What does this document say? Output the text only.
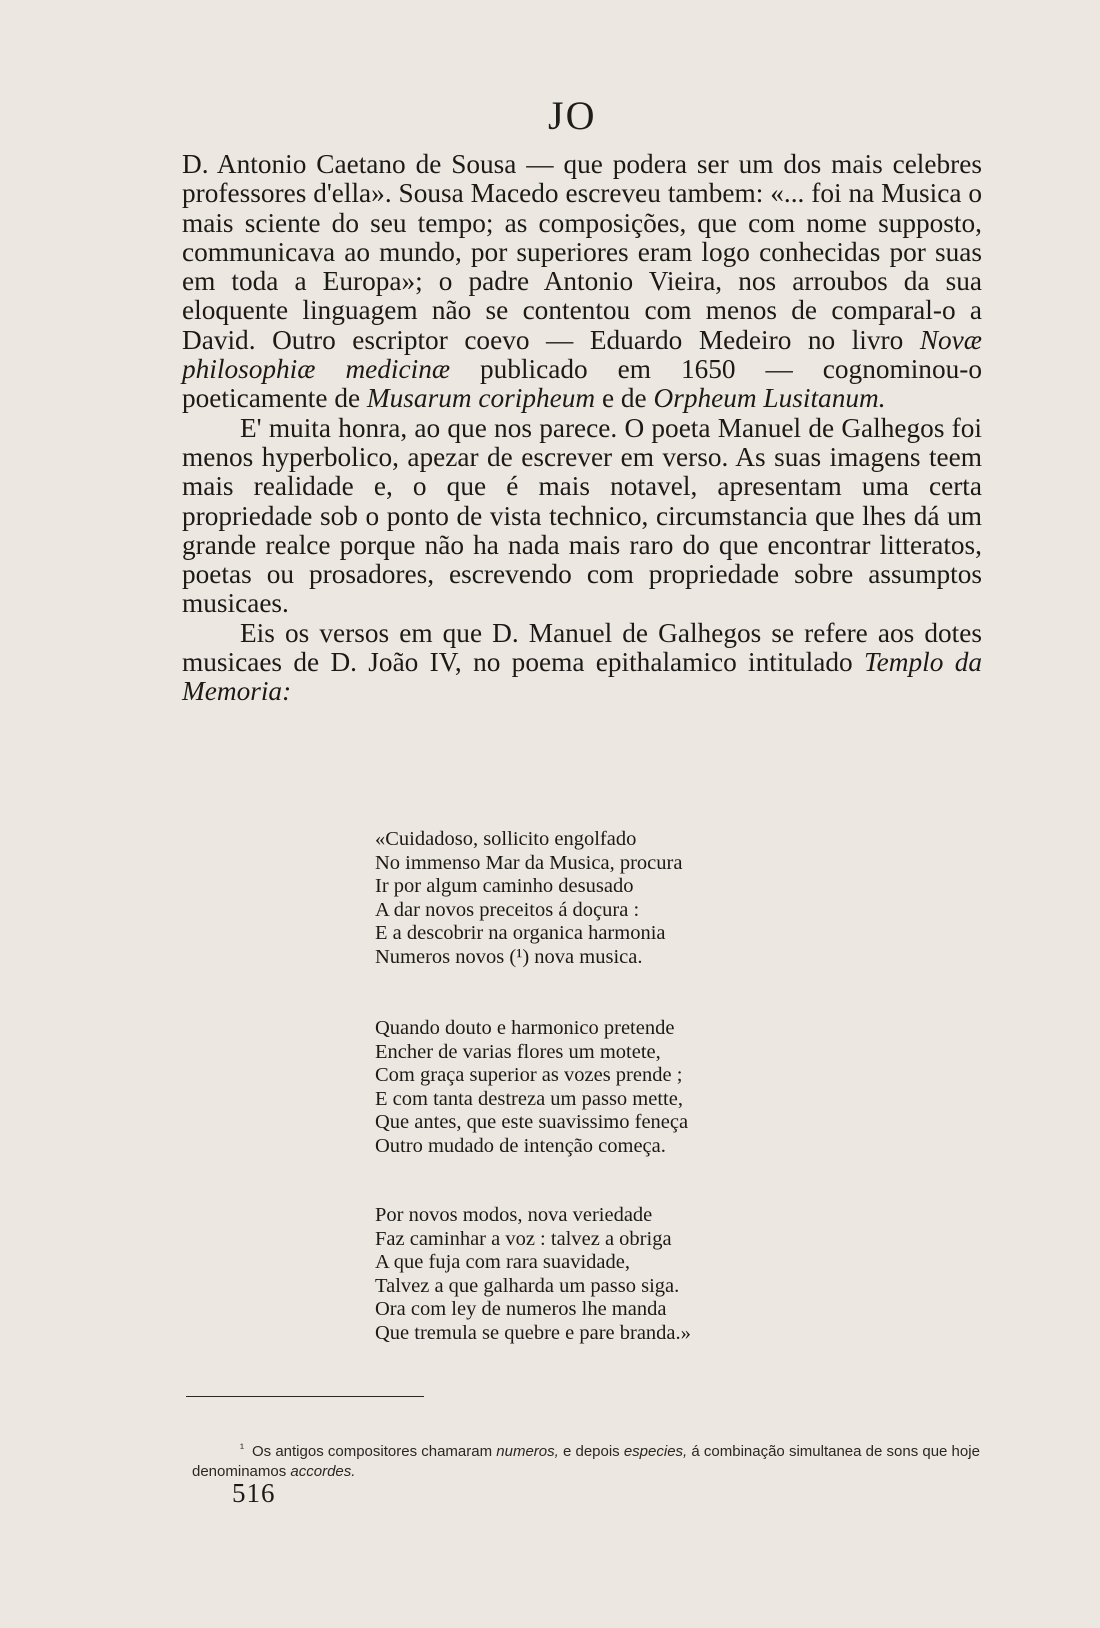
JO

D. Antonio Caetano de Sousa — que podera ser um dos mais celebres professores d'ella». Sousa Macedo escreveu tambem: «... foi na Musica o mais sciente do seu tempo; as composições, que com nome supposto, communicava ao mundo, por superiores eram logo conhecidas por suas em toda a Europa»; o padre Antonio Vieira, nos arroubos da sua eloquente linguagem não se contentou com menos de comparal-o a David. Outro escriptor coevo — Eduardo Medeiro no livro Novæ philosophiæ medicinæ publicado em 1650 — cognominou-o poeticamente de Musarum coripheum e de Orpheum Lusitanum.

E' muita honra, ao que nos parece. O poeta Manuel de Galhegos foi menos hyperbolico, apezar de escrever em verso. As suas imagens teem mais realidade e, o que é mais notavel, apresentam uma certa propriedade sob o ponto de vista technico, circumstancia que lhes dá um grande realce porque não ha nada mais raro do que encontrar litteratos, poetas ou prosadores, escrevendo com propriedade sobre assumptos musicaes.

Eis os versos em que D. Manuel de Galhegos se refere aos dotes musicaes de D. João IV, no poema epithalamico intitulado Templo da Memoria:

«Cuidadoso, sollicito engolfado
No immenso Mar da Musica, procura
Ir por algum caminho desusado
A dar novos preceitos á doçura :
E a descobrir na organica harmonia
Numeros novos (¹) nova musica.
Quando douto e harmonico pretende
Encher de varias flores um motete,
Com graça superior as vozes prende ;
E com tanta destreza um passo mette,
Que antes, que este suavissimo feneça
Outro mudado de intenção começa.
Por novos modos, nova veriedade
Faz caminhar a voz : talvez a obriga
A que fuja com rara suavidade,
Talvez a que galharda um passo siga.
Ora com ley de numeros lhe manda
Que tremula se quebre e pare branda.»
$^{^1}$ Os antigos compositores chamaram numeros, e depois especies, á combinação simultanea de sons que hoje denominamos accordes.
516
